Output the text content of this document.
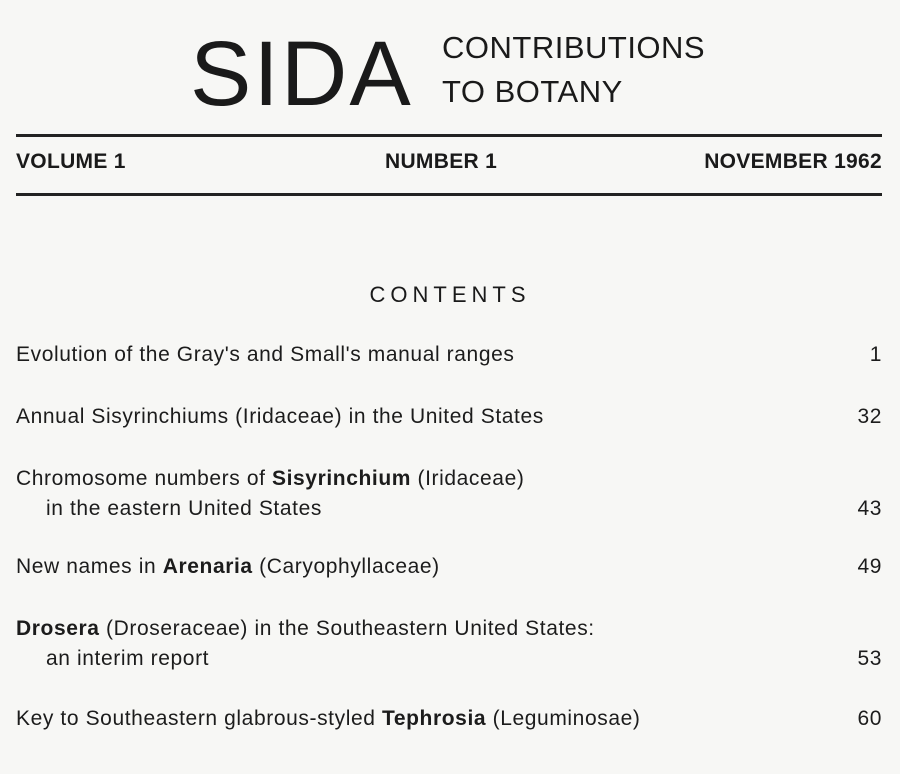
SIDA CONTRIBUTIONS
TO BOTANY
VOLUME 1	NUMBER 1	NOVEMBER 1962
CONTENTS
Evolution of the Gray's and Small's manual ranges	1
Annual Sisyrinchiums (Iridaceae) in the United States	32
Chromosome numbers of Sisyrinchium (Iridaceae)
in the eastern United States	43
New names in Arenaria (Caryophyllaceae)	49
Drosera (Droseraceae) in the Southeastern United States:
an interim report	53
Key to Southeastern glabrous-styled Tephrosia (Leguminosae)	60
